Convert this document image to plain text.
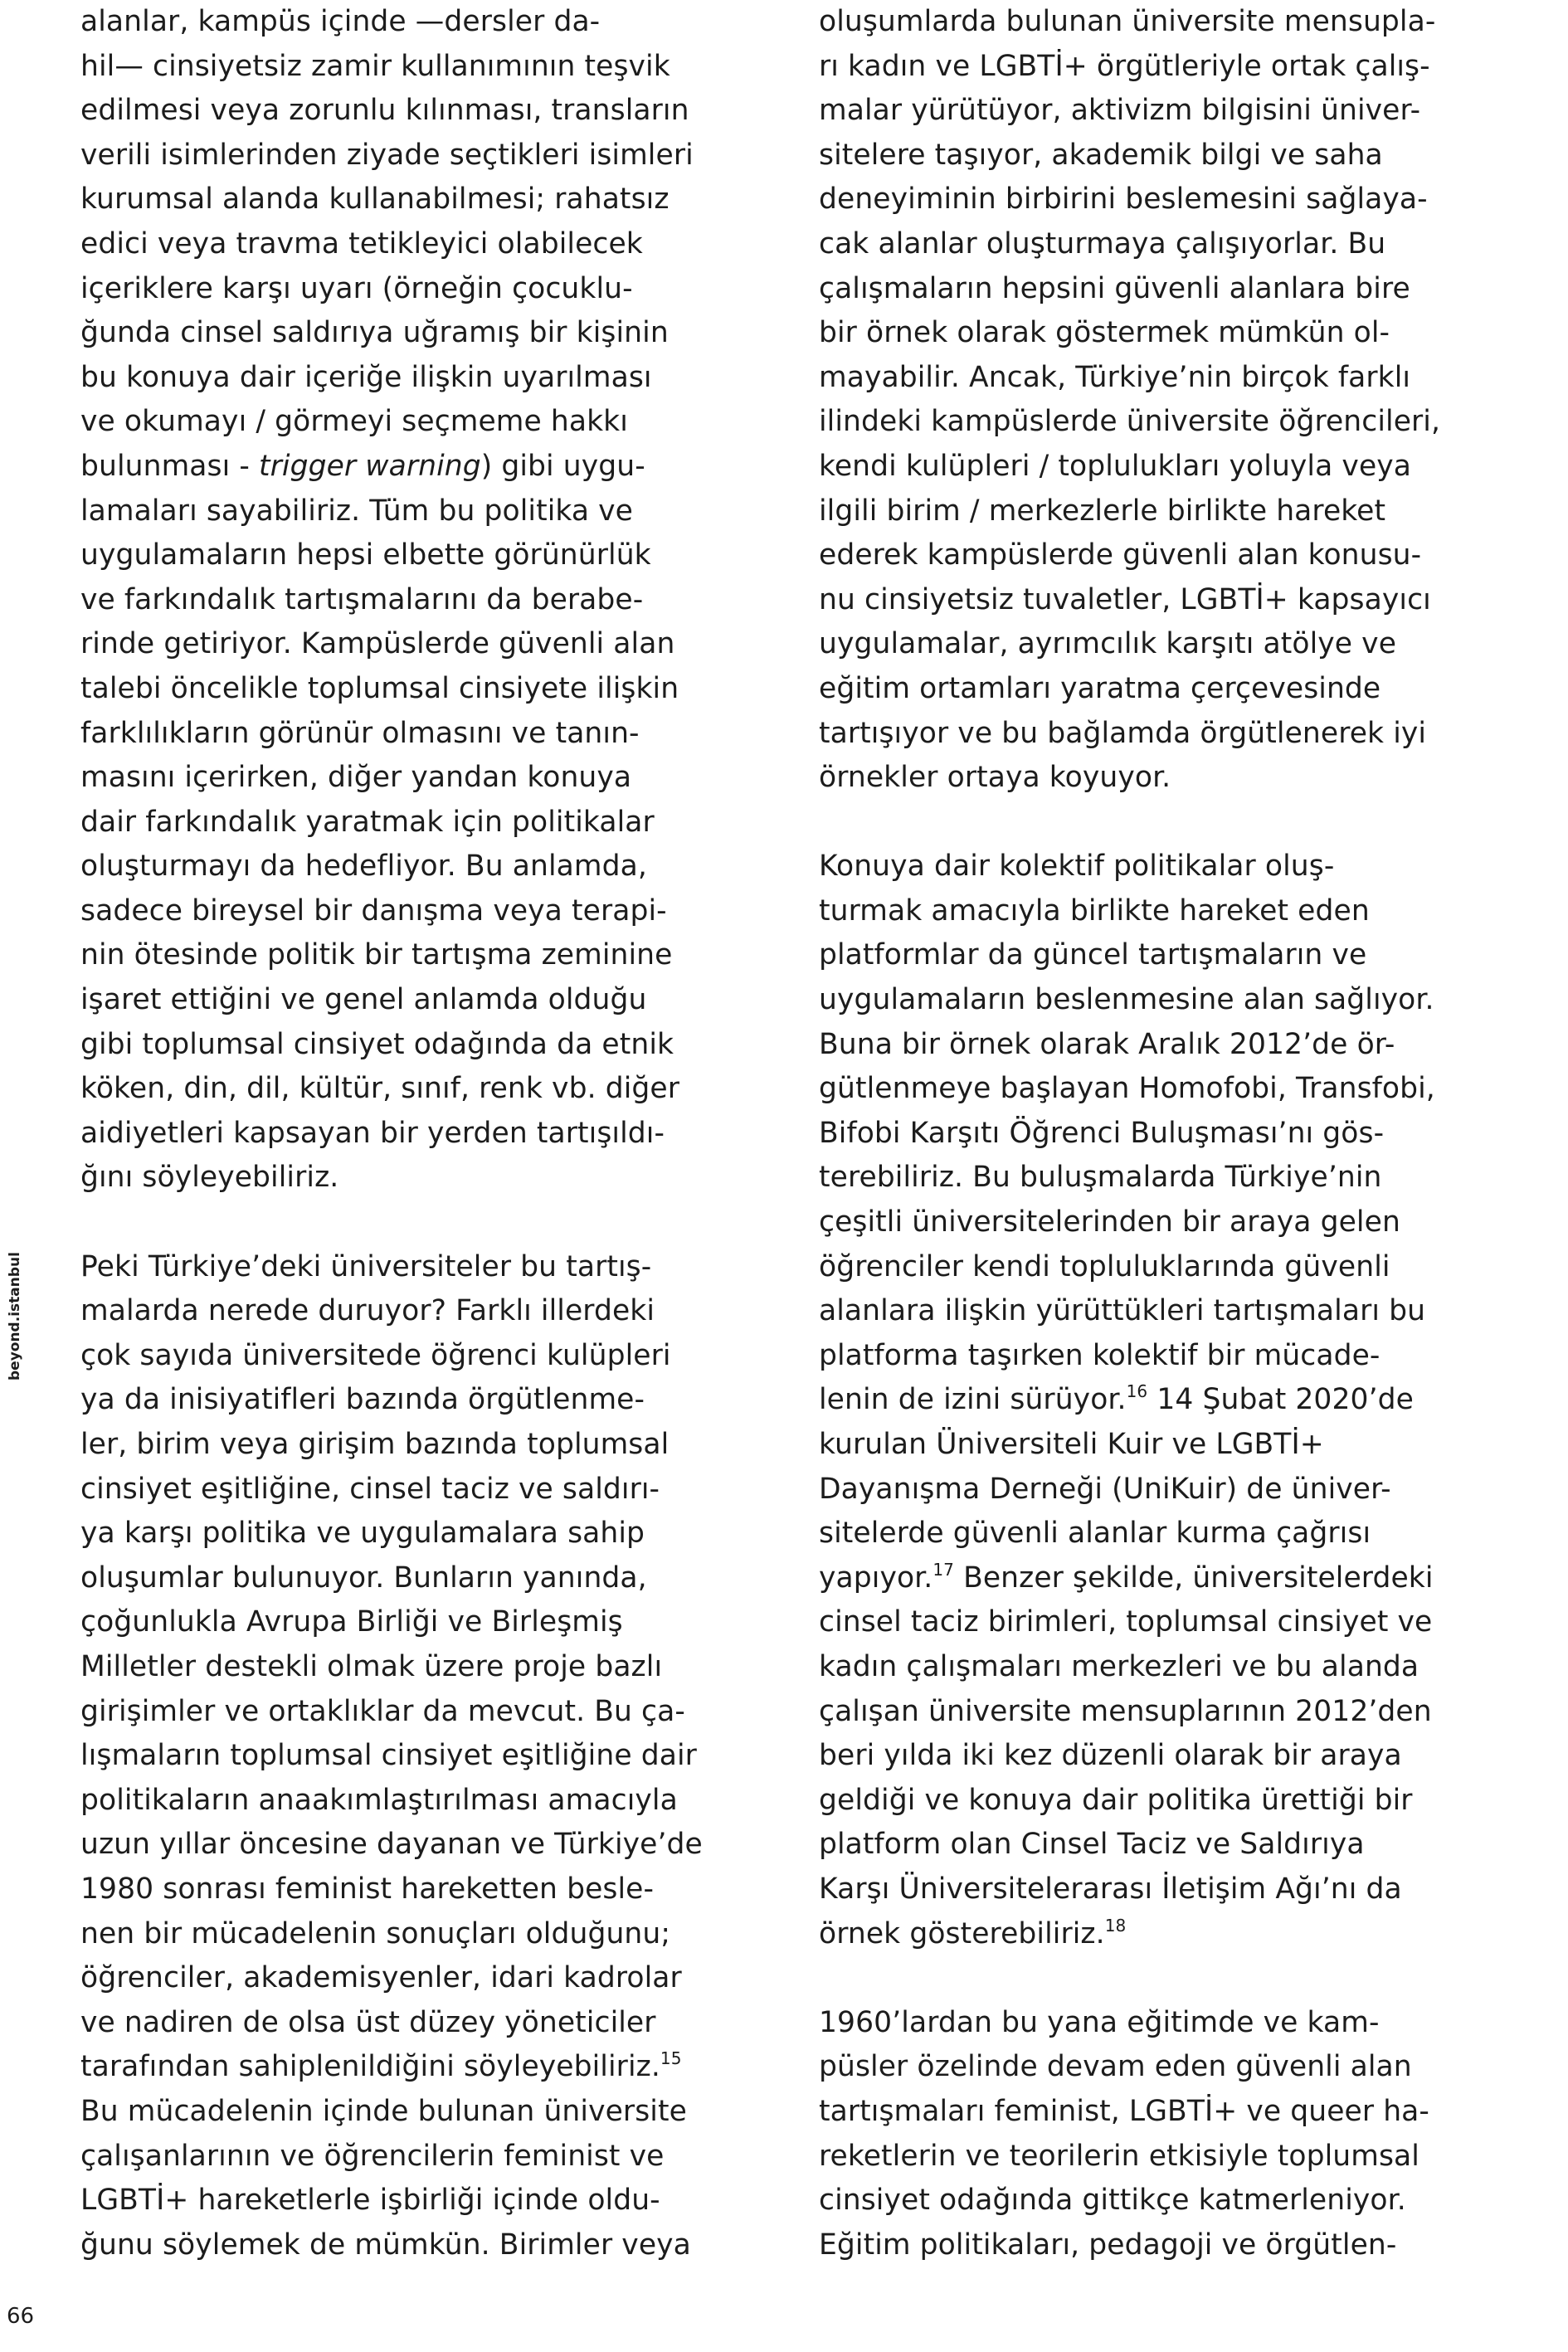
alanlar, kampüs içinde —dersler da-
hil— cinsiyetsiz zamir kullanımının teşvik
edilmesi veya zorunlu kılınması, transların
verili isimlerinden ziyade seçtikleri isimleri
kurumsal alanda kullanabilmesi; rahatsız
edici veya travma tetikleyici olabilecek
içeriklere karşı uyarı (örneğin çocuklu-
ğunda cinsel saldırıya uğramış bir kişinin
bu konuya dair içeriğe ilişkin uyarılması
ve okumayı / görmeyi seçmeme hakkı
bulunması - trigger warning) gibi uygu-
lamaları sayabiliriz. Tüm bu politika ve
uygulamaların hepsi elbette görünürlük
ve farkındalık tartışmalarını da berabe-
rinde getiriyor. Kampüslerde güvenli alan
talebi öncelikle toplumsal cinsiyete ilişkin
farklılıkların görünür olmasını ve tanın-
masını içerirken, diğer yandan konuya
dair farkındalık yaratmak için politikalar
oluşturmayı da hedefliyor. Bu anlamda,
sadece bireysel bir danışma veya terapi-
nin ötesinde politik bir tartışma zeminine
işaret ettiğini ve genel anlamda olduğu
gibi toplumsal cinsiyet odağında da etnik
köken, din, dil, kültür, sınıf, renk vb. diğer
aidiyetleri kapsayan bir yerden tartışıldı-
ğını söyleyebiliriz.
Peki Türkiye’deki üniversiteler bu tartış-
malarda nerede duruyor? Farklı illerdeki
çok sayıda üniversitede öğrenci kulüpleri
ya da inisiyatifleri bazında örgütlenme-
ler, birim veya girişim bazında toplumsal
cinsiyet eşitliğine, cinsel taciz ve saldırı-
ya karşı politika ve uygulamalara sahip
oluşumlar bulunuyor. Bunların yanında,
çoğunlukla Avrupa Birliği ve Birleşmiş
Milletler destekli olmak üzere proje bazlı
girişimler ve ortaklıklar da mevcut. Bu ça-
lışmaların toplumsal cinsiyet eşitliğine dair
politikaların anaakımlaştırılması amacıyla
uzun yıllar öncesine dayanan ve Türkiye’de
1980 sonrası feminist hareketten besle-
nen bir mücadelenin sonuçları olduğunu;
öğrenciler, akademisyenler, idari kadrolar
ve nadiren de olsa üst düzey yöneticiler
tarafından sahiplenildiğini söyleyebiliriz.$^{15}$
Bu mücadelenin içinde bulunan üniversite
çalışanlarının ve öğrencilerin feminist ve
LGBTİ+ hareketlerle işbirliği içinde oldu-
ğunu söylemek de mümkün. Birimler veya
oluşumlarda bulunan üniversite mensupla-
rı kadın ve LGBTİ+ örgütleriyle ortak çalış-
malar yürütüyor, aktivizm bilgisini üniver-
sitelere taşıyor, akademik bilgi ve saha
deneyiminin birbirini beslemesini sağlaya-
cak alanlar oluşturmaya çalışıyorlar. Bu
çalışmaların hepsini güvenli alanlara bire
bir örnek olarak göstermek mümkün ol-
mayabilir. Ancak, Türkiye’nin birçok farklı
ilindeki kampüslerde üniversite öğrencileri,
kendi kulüpleri / toplulukları yoluyla veya
ilgili birim / merkezlerle birlikte hareket
ederek kampüslerde güvenli alan konusu-
nu cinsiyetsiz tuvaletler, LGBTİ+ kapsayıcı
uygulamalar, ayrımcılık karşıtı atölye ve
eğitim ortamları yaratma çerçevesinde
tartışıyor ve bu bağlamda örgütlenerek iyi
örnekler ortaya koyuyor.
Konuya dair kolektif politikalar oluş-
turmak amacıyla birlikte hareket eden
platformlar da güncel tartışmaların ve
uygulamaların beslenmesine alan sağlıyor.
Buna bir örnek olarak Aralık 2012’de ör-
gütlenmeye başlayan Homofobi, Transfobi,
Bifobi Karşıtı Öğrenci Buluşması’nı gös-
terebiliriz. Bu buluşmalarda Türkiye’nin
çeşitli üniversitelerinden bir araya gelen
öğrenciler kendi topluluklarında güvenli
alanlara ilişkin yürüttükleri tartışmaları bu
platforma taşırken kolektif bir mücade-
lenin de izini sürüyor.$^{16}$ 14 Şubat 2020’de
kurulan Üniversiteli Kuir ve LGBTİ+
Dayanışma Derneği (UniKuir) de üniver-
sitelerde güvenli alanlar kurma çağrısı
yapıyor.$^{17}$ Benzer şekilde, üniversitelerdeki
cinsel taciz birimleri, toplumsal cinsiyet ve
kadın çalışmaları merkezleri ve bu alanda
çalışan üniversite mensuplarının 2012’den
beri yılda iki kez düzenli olarak bir araya
geldiği ve konuya dair politika ürettiği bir
platform olan Cinsel Taciz ve Saldırıya
Karşı Üniversitelerarası İletişim Ağı’nı da
örnek gösterebiliriz.$^{18}$
1960’lardan bu yana eğitimde ve kam-
püsler özelinde devam eden güvenli alan
tartışmaları feminist, LGBTİ+ ve queer ha-
reketlerin ve teorilerin etkisiyle toplumsal
cinsiyet odağında gittikçe katmerleniyor.
Eğitim politikaları, pedagoji ve örgütlen-
beyond.istanbul
66
